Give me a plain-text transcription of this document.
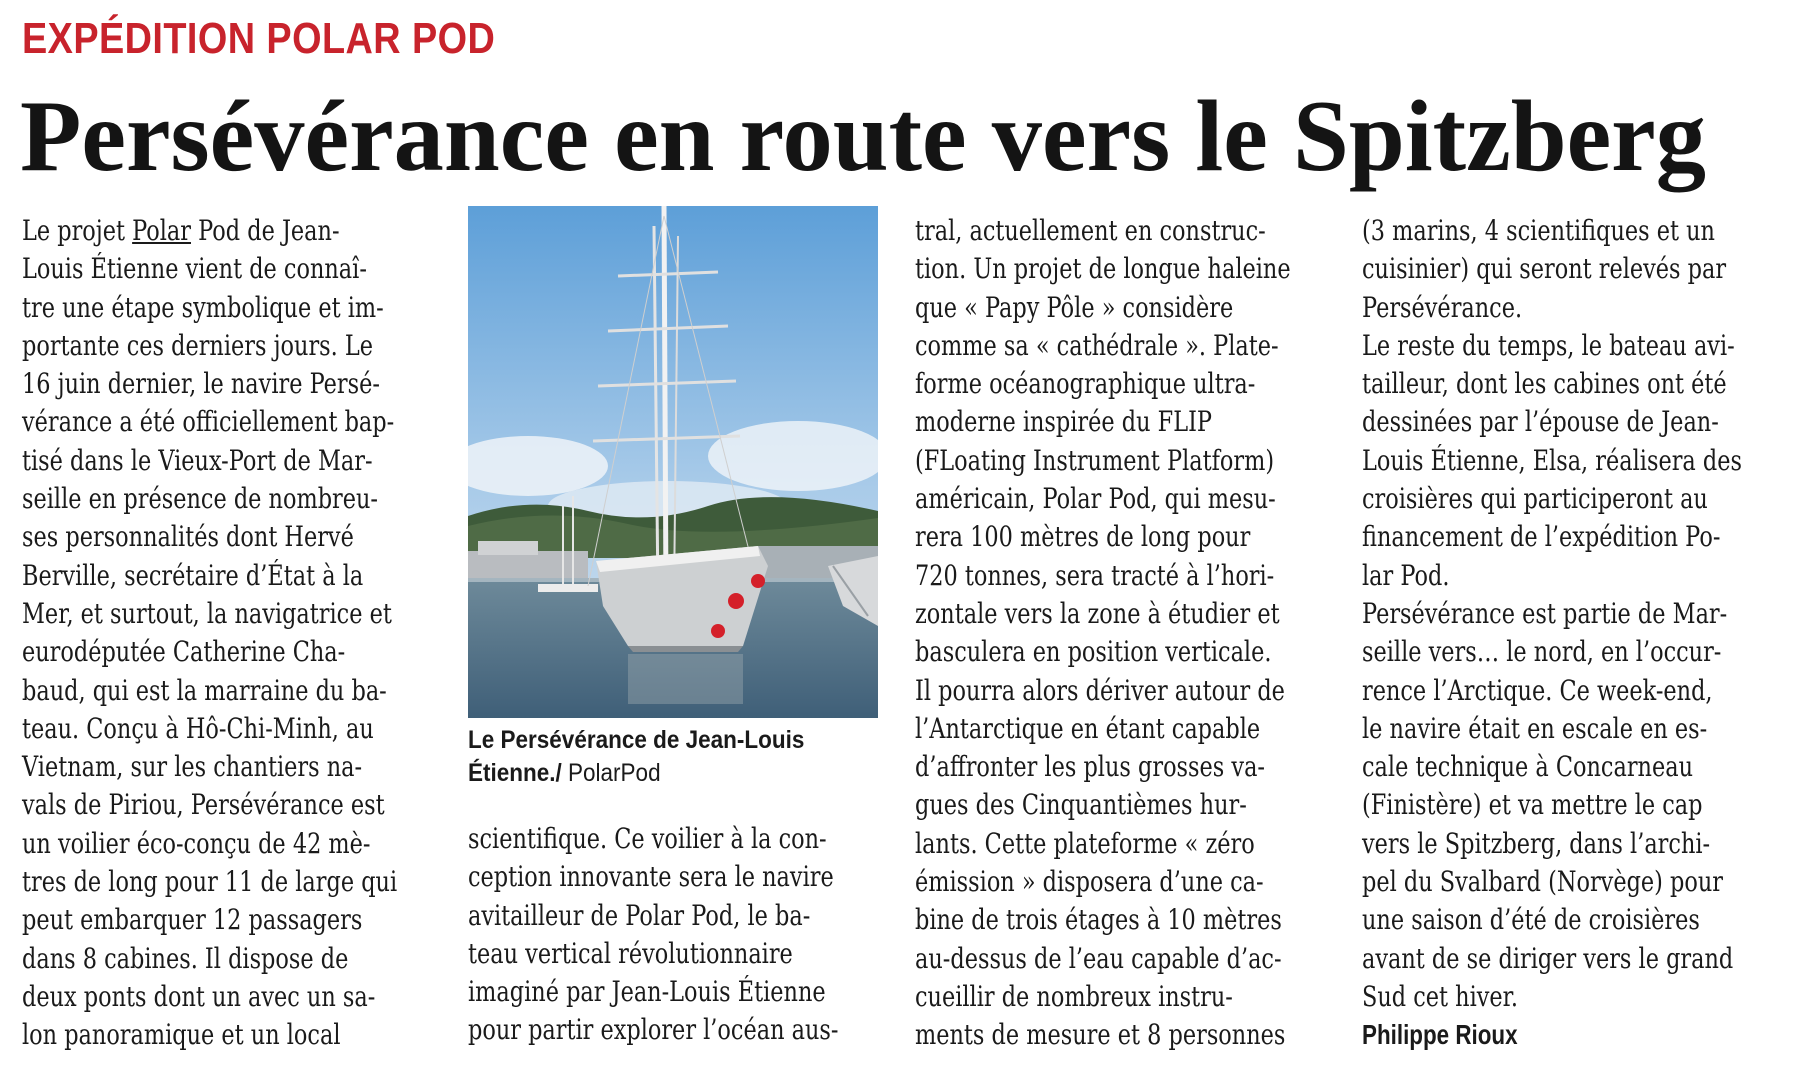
EXPÉDITION POLAR POD
Persévérance en route vers le Spitzberg
Le projet Polar Pod de Jean-
Louis Étienne vient de connaî-
tre une étape symbolique et im-
portante ces derniers jours. Le
16 juin dernier, le navire Persé-
vérance a été officiellement bap-
tisé dans le Vieux-Port de Mar-
seille en présence de nombreu-
ses personnalités dont Hervé
Berville, secrétaire d’État à la
Mer, et surtout, la navigatrice et
eurodéputée Catherine Cha-
baud, qui est la marraine du ba-
teau. Conçu à Hô-Chi-Minh, au
Vietnam, sur les chantiers na-
vals de Piriou, Persévérance est
un voilier éco-conçu de 42 mè-
tres de long pour 11 de large qui
peut embarquer 12 passagers
dans 8 cabines. Il dispose de
deux ponts dont un avec un sa-
lon panoramique et un local
Le Persévérance de Jean-Louis
Étienne./ PolarPod
scientifique. Ce voilier à la con-
ception innovante sera le navire
avitailleur de Polar Pod, le ba-
teau vertical révolutionnaire
imaginé par Jean-Louis Étienne
pour partir explorer l’océan aus-
tral, actuellement en construc-
tion. Un projet de longue haleine
que « Papy Pôle » considère
comme sa « cathédrale ». Plate-
forme océanographique ultra-
moderne inspirée du FLIP
(FLoating Instrument Platform)
américain, Polar Pod, qui mesu-
rera 100 mètres de long pour
720 tonnes, sera tracté à l’hori-
zontale vers la zone à étudier et
basculera en position verticale.
Il pourra alors dériver autour de
l’Antarctique en étant capable
d’affronter les plus grosses va-
gues des Cinquantièmes hur-
lants. Cette plateforme « zéro
émission » disposera d’une ca-
bine de trois étages à 10 mètres
au-dessus de l’eau capable d’ac-
cueillir de nombreux instru-
ments de mesure et 8 personnes
(3 marins, 4 scientifiques et un
cuisinier) qui seront relevés par
Persévérance.
Le reste du temps, le bateau avi-
tailleur, dont les cabines ont été
dessinées par l’épouse de Jean-
Louis Étienne, Elsa, réalisera des
croisières qui participeront au
financement de l’expédition Po-
lar Pod.
Persévérance est partie de Mar-
seille vers… le nord, en l’occur-
rence l’Arctique. Ce week-end,
le navire était en escale en es-
cale technique à Concarneau
(Finistère) et va mettre le cap
vers le Spitzberg, dans l’archi-
pel du Svalbard (Norvège) pour
une saison d’été de croisières
avant de se diriger vers le grand
Sud cet hiver.
Philippe Rioux
